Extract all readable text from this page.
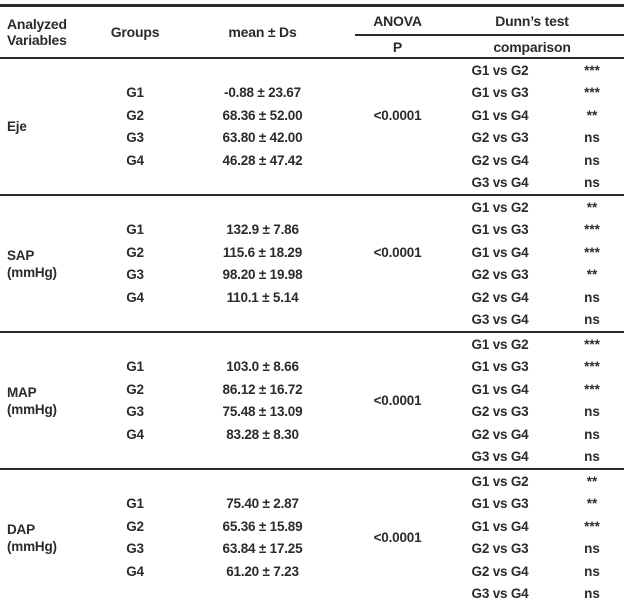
Analyzed
Variables	Groups	mean ± Ds	ANOVA	Dunn’s test	
			P	comparison	

Eje			<0.0001	G1 vs G2	***
	G1	-0.88 ± 23.67		G1 vs G3	***
	G2	68.36 ± 52.00		G1 vs G4	**
	G3	63.80 ± 42.00		G2 vs G3	ns
	G4	46.28 ± 47.42		G2 vs G4	ns
				G3 vs G4	ns

SAP
(mmHg)			<0.0001	G1 vs G2	**
	G1	132.9 ± 7.86		G1 vs G3	***
	G2	115.6 ± 18.29		G1 vs G4	***
	G3	98.20 ± 19.98		G2 vs G3	**
	G4	110.1 ± 5.14		G2 vs G4	ns
				G3 vs G4	ns

MAP
(mmHg)			<0.0001	G1 vs G2	***
	G1	103.0 ± 8.66		G1 vs G3	***
	G2	86.12 ± 16.72		G1 vs G4	***
	G3	75.48 ± 13.09		G2 vs G3	ns
	G4	83.28 ± 8.30		G2 vs G4	ns
				G3 vs G4	ns

DAP
(mmHg)			<0.0001	G1 vs G2	**
	G1	75.40 ± 2.87		G1 vs G3	**
	G2	65.36 ± 15.89		G1 vs G4	***
	G3	63.84 ± 17.25		G2 vs G3	ns
	G4	61.20 ± 7.23		G2 vs G4	ns
				G3 vs G4	ns
